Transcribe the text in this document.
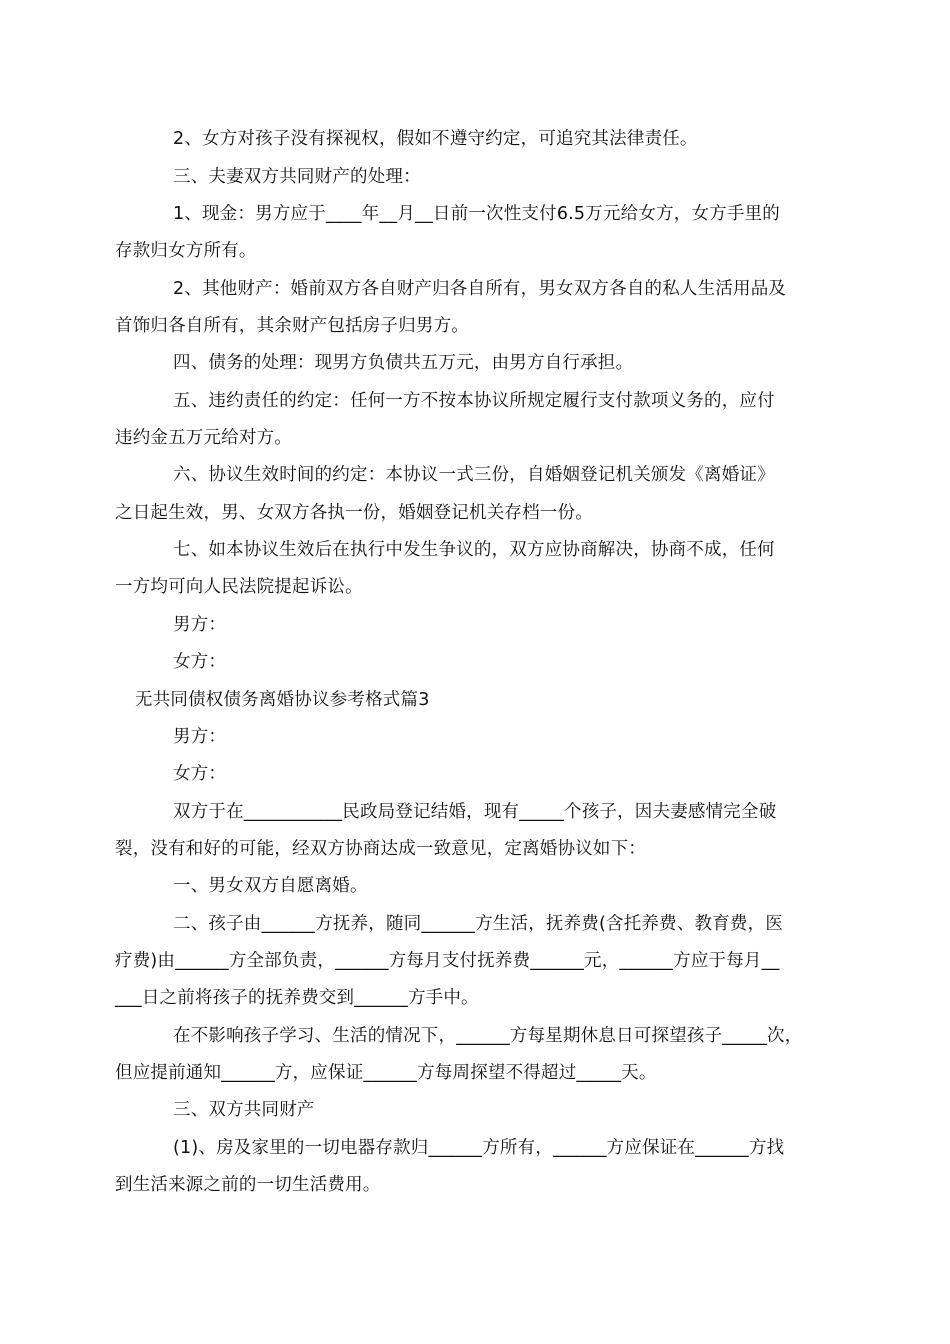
2、女方对孩子没有探视权，假如不遵守约定，可追究其法律责任。
三、夫妻双方共同财产的处理：
1、现金：男方应于____年__月__日前一次性支付6.5万元给女方，女方手里的
存款归女方所有。
2、其他财产：婚前双方各自财产归各自所有，男女双方各自的私人生活用品及
首饰归各自所有，其余财产包括房子归男方。
四、债务的处理：现男方负债共五万元，由男方自行承担。
五、违约责任的约定：任何一方不按本协议所规定履行支付款项义务的，应付
违约金五万元给对方。
六、协议生效时间的约定：本协议一式三份，自婚姻登记机关颁发《离婚证》
之日起生效，男、女双方各执一份，婚姻登记机关存档一份。
七、如本协议生效后在执行中发生争议的，双方应协商解决，协商不成，任何
一方均可向人民法院提起诉讼。
男方：
女方：
无共同债权债务离婚协议参考格式篇3
男方：
女方：
双方于在___________民政局登记结婚，现有_____个孩子，因夫妻感情完全破
裂，没有和好的可能，经双方协商达成一致意见，定离婚协议如下：
一、男女双方自愿离婚。
二、孩子由______方抚养，随同______方生活，抚养费(含托养费、教育费，医
疗费)由______方全部负责，______方每月支付抚养费______元，______方应于每月__
___日之前将孩子的抚养费交到______方手中。
在不影响孩子学习、生活的情况下，______方每星期休息日可探望孩子_____次，
但应提前通知______方，应保证______方每周探望不得超过_____天。
三、双方共同财产
(1)、房及家里的一切电器存款归______方所有，______方应保证在______方找
到生活来源之前的一切生活费用。
